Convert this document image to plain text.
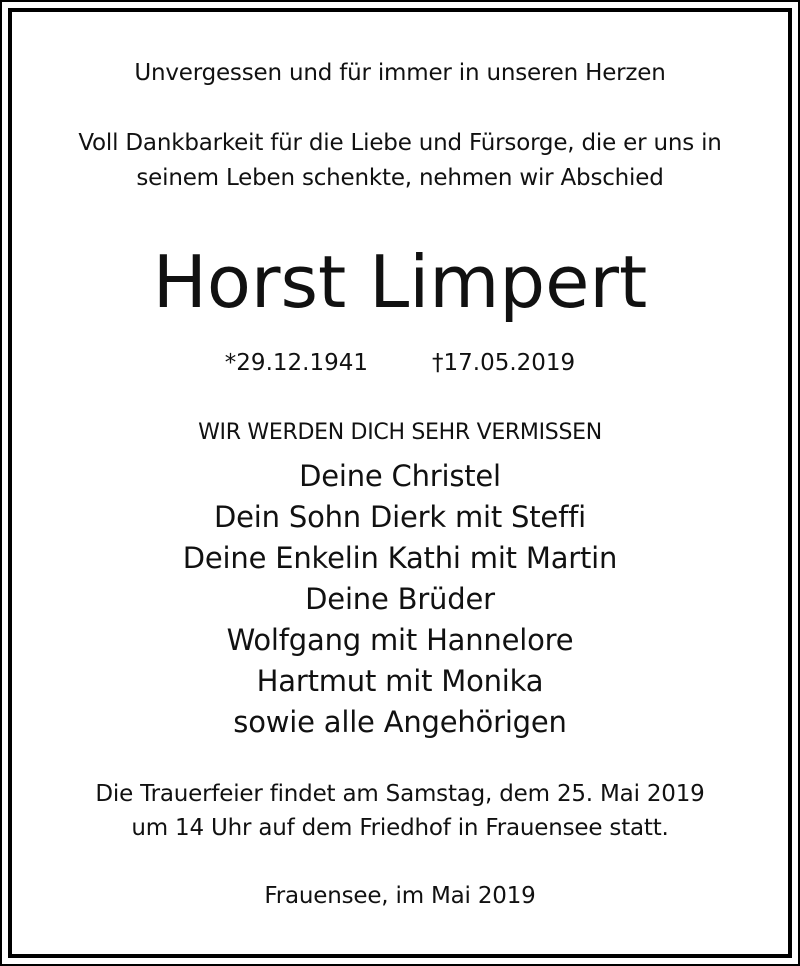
Unvergessen und für immer in unseren Herzen
Voll Dankbarkeit für die Liebe und Fürsorge, die er uns in
seinem Leben schenkte, nehmen wir Abschied
Horst Limpert
*29.12.1941	†17.05.2019
WIR WERDEN DICH SEHR VERMISSEN
Deine Christel
Dein Sohn Dierk mit Steffi
Deine Enkelin Kathi mit Martin
Deine Brüder
Wolfgang mit Hannelore
Hartmut mit Monika
sowie alle Angehörigen
Die Trauerfeier findet am Samstag, dem 25. Mai 2019
um 14 Uhr auf dem Friedhof in Frauensee statt.
Frauensee, im Mai 2019
